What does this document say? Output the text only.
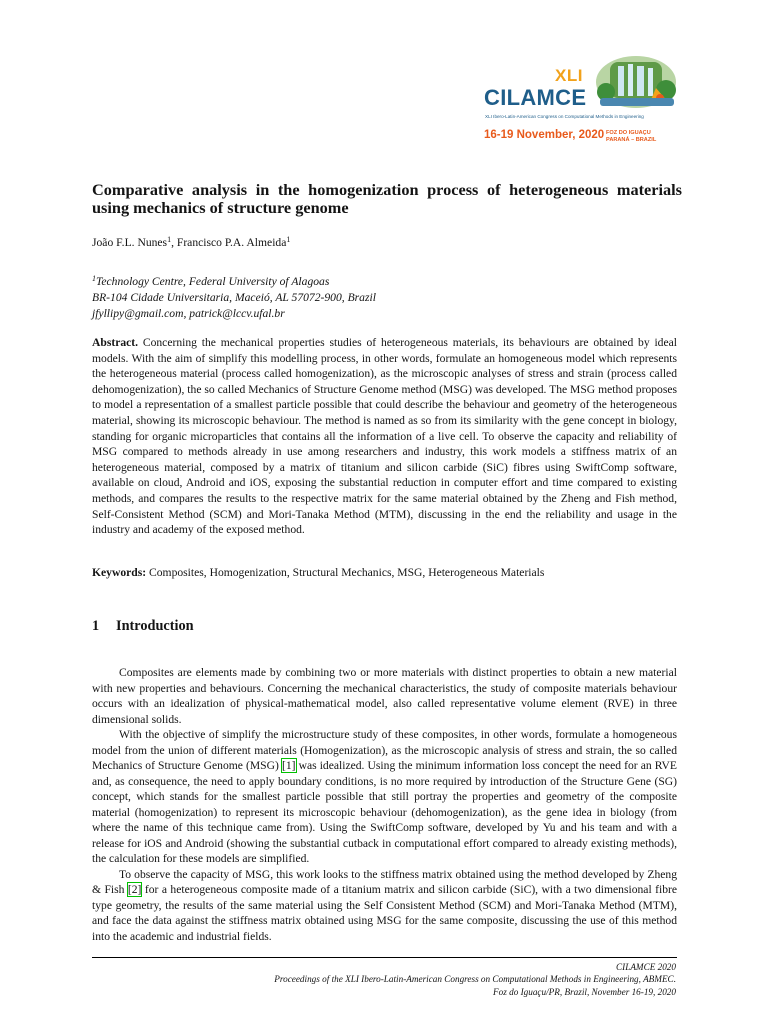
XLI
CILAMCE
XLI Ibero-Latin-American Congress on Computational Methods in Engineering
16-19 November, 2020 FOZ DO IGUAÇU
PARANÁ – BRAZIL
Comparative analysis in the homogenization process of heterogeneous materials using mechanics of structure genome
João F.L. Nunes$^1$, Francisco P.A. Almeida$^1$

$^1$Technology Centre, Federal University of Alagoas

BR-104 Cidade Universitaria, Maceió, AL 57072-900, Brazil

jfyllipy@gmail.com, patrick@lccv.ufal.br

Abstract. Concerning the mechanical properties studies of heterogeneous materials, its behaviours are obtained by ideal models. With the aim of simplify this modelling process, in other words, formulate an homogeneous model which represents the heterogeneous material (process called homogenization), as the microscopic analyses of stress and strain (process called dehomogenization), the so called Mechanics of Structure Genome method (MSG) was developed. The MSG method proposes to model a representation of a smallest particle possible that could describe the behaviour and geometry of the heterogeneous material, showing its microscopic behaviour. The method is named as so from its similarity with the gene concept in biology, standing for organic microparticles that contains all the information of a live cell. To observe the capacity and reliability of MSG compared to methods already in use among researchers and industry, this work models a stiffness matrix of an heterogeneous material, composed by a matrix of titanium and silicon carbide (SiC) fibres using SwiftComp software, available on cloud, Android and iOS, exposing the substantial reduction in computer effort and time compared to existing methods, and compares the results to the respective matrix for the same material obtained by the Zheng and Fish method, Self-Consistent Method (SCM) and Mori-Tanaka Method (MTM), discussing in the end the reliability and usage in the industry and academy of the exposed method.

Keywords: Composites, Homogenization, Structural Mechanics, MSG, Heterogeneous Materials

1 Introduction

Composites are elements made by combining two or more materials with distinct properties to obtain a new material with new properties and behaviours. Concerning the mechanical characteristics, the study of composite materials behaviour occurs with an idealization of physical-mathematical model, also called representative volume element (RVE) in three dimensional solids.

With the objective of simplify the microstructure study of these composites, in other words, formulate a homogeneous model from the union of different materials (Homogenization), as the microscopic analysis of stress and strain, the so called Mechanics of Structure Genome (MSG) [1] was idealized. Using the minimum information loss concept the need for an RVE and, as consequence, the need to apply boundary conditions, is no more required by introduction of the Structure Gene (SG) concept, which stands for the smallest particle possible that still portray the properties and geometry of the composite material (homogenization) to represent its microscopic behaviour (dehomogenization), as the gene idea in biology (from where the name of this technique came from). Using the SwiftComp software, developed by Yu and his team and with a release for iOS and Android (showing the substantial cutback in computational effort compared to already existing methods), the calculation for these models are simplified.

To observe the capacity of MSG, this work looks to the stiffness matrix obtained using the method developed by Zheng & Fish [2] for a heterogeneous composite made of a titanium matrix and silicon carbide (SiC), with a two dimensional fibre type geometry, the results of the same material using the Self Consistent Method (SCM) and Mori-Tanaka Method (MTM), and face the data against the stiffness matrix obtained using MSG for the same composite, discussing the use of this method into the academic and industrial fields.

CILAMCE 2020
Proceedings of the XLI Ibero-Latin-American Congress on Computational Methods in Engineering, ABMEC.
Foz do Iguaçu/PR, Brazil, November 16-19, 2020
